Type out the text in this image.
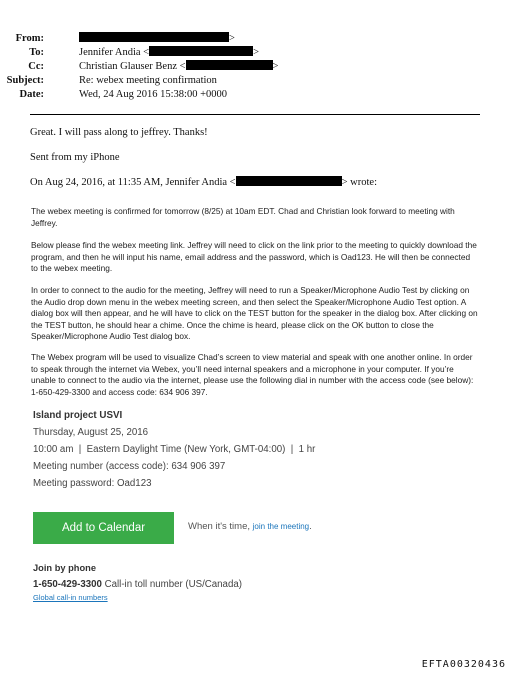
From:	>
To:	Jennifer Andia <	>
Cc:	Christian Glauser Benz <	>
Subject:	Re: webex meeting confirmation
Date:	Wed, 24 Aug 2016 15:38:00 +0000
Great. I will pass along to jeffrey. Thanks!
Sent from my iPhone
On Aug 24, 2016, at 11:35 AM, Jennifer Andia <	> wrote:
The webex meeting is confirmed for tomorrow (8/25) at 10am EDT. Chad and Christian look forward to meeting with Jeffrey.
Below please find the webex meeting link. Jeffrey will need to click on the link prior to the meeting to quickly download the program, and then he will input his name, email address and the password, which is Oad123. He will then be connected to the webex meeting.
In order to connect to the audio for the meeting, Jeffrey will need to run a Speaker/Microphone Audio Test by clicking on the Audio drop down menu in the webex meeting screen, and then select the Speaker/Microphone Audio Test option. A dialog box will then appear, and he will have to click on the TEST button for the speaker in the dialog box. After clicking on the TEST button, he should hear a chime. Once the chime is heard, please click on the OK button to close the Speaker/Microphone Audio Test dialog box.
The Webex program will be used to visualize Chad’s screen to view material and speak with one another online. In order to speak through the internet via Webex, you’ll need internal speakers and a microphone in your computer. If you’re unable to connect to the audio via the internet, please use the following dial in number with the access code (see below): 1-650-429-3300 and access code: 634 906 397.
Island project USVI
Thursday, August 25, 2016
10:00 am  |  Eastern Daylight Time (New York, GMT-04:00)  |  1 hr
Meeting number (access code): 634 906 397
Meeting password: Oad123
Add to Calendar	When it's time, join the meeting.
Join by phone
1-650-429-3300 Call-in toll number (US/Canada)
Global call-in numbers
EFTA00320436
